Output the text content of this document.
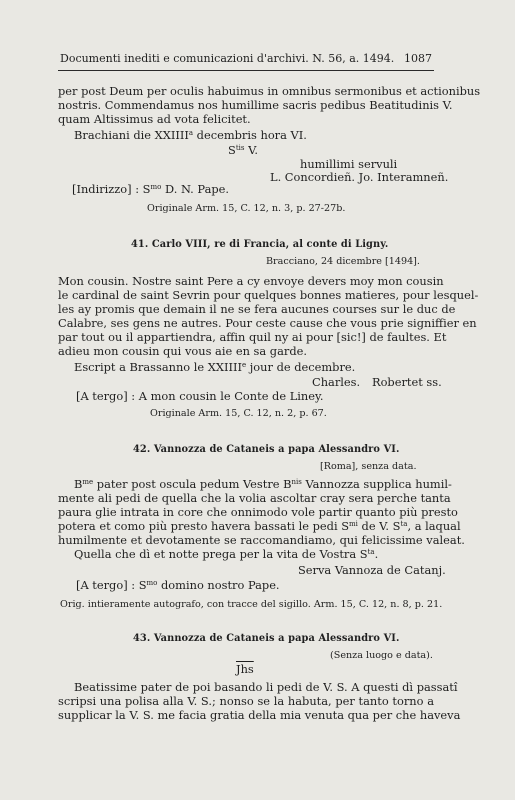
Documenti inediti e comunicazioni d'archivi. N. 56, a. 1494. 1087
per post Deum per oculis habuimus in omnibus sermonibus et actionibus
nostris. Commendamus nos humillime sacris pedibus Beatitudinis V.
quam Altissimus ad vota felicitet.
Brachiani die XXIIII$^a$ decembris hora VI.
$S^{tis}$ V.
humillimi servuli
L. Concordieñ. Jo. Interamneñ.
[Indirizzo] : $S^{mo}$ D. N. Pape.
Originale Arm. 15, C. 12, n. 3, p. 27-27b.
41. Carlo VIII, re di Francia, al conte di Ligny.
Bracciano, 24 dicembre [1494].
Mon cousin. Nostre saint Pere a cy envoye devers moy mon cousin
le cardinal de saint Sevrin pour quelques bonnes matieres, pour lesquel-
les ay promis que demain il ne se fera aucunes courses sur le duc de
Calabre, ses gens ne autres. Pour ceste cause che vous prie signiffier en
par tout ou il appartiendra, affin quil ny ai pour [sic!] de faultes. Et
adieu mon cousin qui vous aie en sa garde.
Escript a Brassanno le XXIIIIe jour de decembre.
Charles. Robertet ss.
[A tergo] : A mon cousin le Conte de Liney.
Originale Arm. 15, C. 12, n. 2, p. 67.
42. Vannozza de Cataneis a papa Alessandro VI.
[Roma], senza data.
$B^{me}$ pater post oscula pedum Vestre $B^{nis}$ Vannozza supplica humil-
mente ali pedi de quella che la volia ascoltar cray sera perche tanta
paura glie intrata in core che onnimodo vole partir quanto più presto
potera et como più presto havera bassati le pedi $S^{mi}$ de V. $S^{ta}$, a laqual
humilmente et devotamente se raccomandiamo, qui felicissime valeat.
Quella che dì et notte prega per la vita de Vostra $S^{ta}$.
Serva Vannoza de Catanj.
[A tergo] : $S^{mo}$ domino nostro Pape.
Orig. intieramente autografo, con tracce del sigillo. Arm. 15, C. 12, n. 8, p. 21.
43. Vannozza de Cataneis a papa Alessandro VI.
(Senza luogo e data).
$\overline{Jhs}$
Beatissime pater de poi basando li pedi de V. S. A questi dì passatî
scripsi una polisa alla V. S.; nonso se la habuta, per tanto torno a
supplicar la V. S. me facia gratia della mia venuta qua per che haveva
